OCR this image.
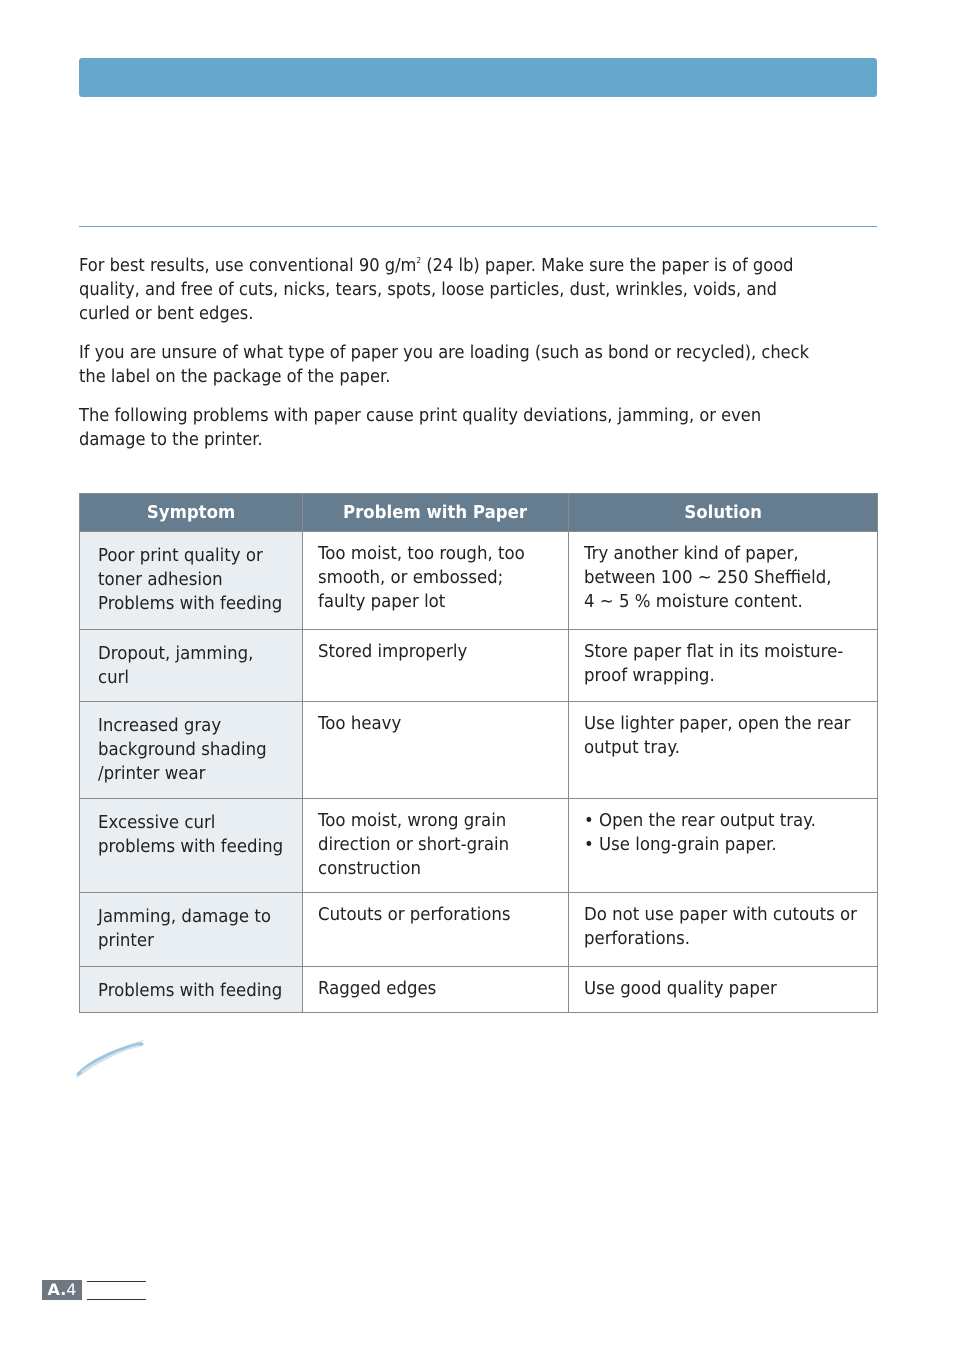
For best results, use conventional 90 $g/m^2$ (24 lb) paper. Make sure the paper is of good quality, and free of cuts, nicks, tears, spots, loose particles, dust, wrinkles, voids, and curled or bent edges.

If you are unsure of what type of paper you are loading (such as bond or recycled), check the label on the package of the paper.

The following problems with paper cause print quality deviations, jamming, or even damage to the printer.

Symptom	Problem with Paper	Solution

Poor print quality or
toner adhesion
Problems with feeding	Too moist, too rough, too
smooth, or embossed;
faulty paper lot	Try another kind of paper,
between 100 ~ 250 Sheffield,
4 ~ 5 % moisture content.

Dropout, jamming,
curl	Stored improperly	Store paper flat in its moisture-
proof wrapping.

Increased gray
background shading
/printer wear	Too heavy	Use lighter paper, open the rear
output tray.

Excessive curl
problems with feeding	Too moist, wrong grain
direction or short-grain
construction	• Open the rear output tray.
• Use long-grain paper.

Jamming, damage to
printer	Cutouts or perforations	Do not use paper with cutouts or
perforations.

Problems with feeding	Ragged edges	Use good quality paper
A.4
